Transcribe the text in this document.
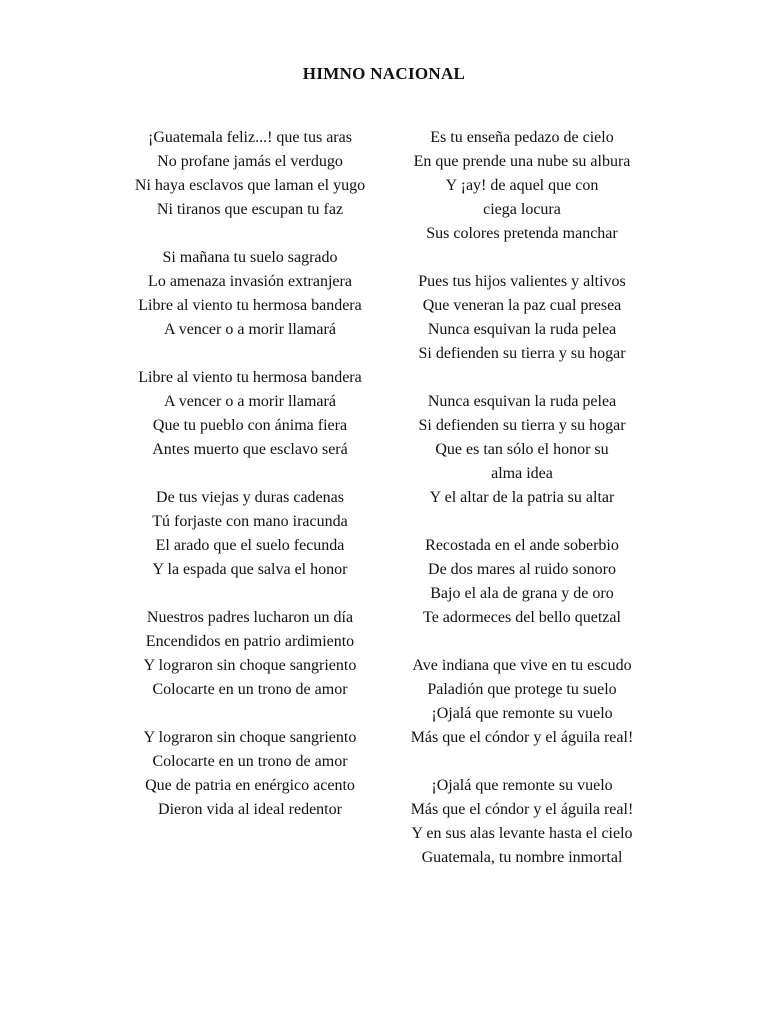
HIMNO NACIONAL
¡Guatemala feliz...! que tus aras
No profane jamás el verdugo
Ni haya esclavos que laman el yugo
Ni tiranos que escupan tu faz
Si mañana tu suelo sagrado
Lo amenaza invasión extranjera
Libre al viento tu hermosa bandera
A vencer o a morir llamará
Libre al viento tu hermosa bandera
A vencer o a morir llamará
Que tu pueblo con ánima fiera
Antes muerto que esclavo será
De tus viejas y duras cadenas
Tú forjaste con mano iracunda
El arado que el suelo fecunda
Y la espada que salva el honor
Nuestros padres lucharon un día
Encendidos en patrio ardimiento
Y lograron sin choque sangriento
Colocarte en un trono de amor
Y lograron sin choque sangriento
Colocarte en un trono de amor
Que de patria en enérgico acento
Dieron vida al ideal redentor
Es tu enseña pedazo de cielo
En que prende una nube su albura
Y ¡ay! de aquel que con ciega locura
Sus colores pretenda manchar
Pues tus hijos valientes y altivos
Que veneran la paz cual presea
Nunca esquivan la ruda pelea
Si defienden su tierra y su hogar
Nunca esquivan la ruda pelea
Si defienden su tierra y su hogar
Que es tan sólo el honor su alma idea
Y el altar de la patria su altar
Recostada en el ande soberbio
De dos mares al ruido sonoro
Bajo el ala de grana y de oro
Te adormeces del bello quetzal
Ave indiana que vive en tu escudo
Paladión que protege tu suelo
¡Ojalá que remonte su vuelo
Más que el cóndor y el águila real!
¡Ojalá que remonte su vuelo
Más que el cóndor y el águila real!
Y en sus alas levante hasta el cielo
Guatemala, tu nombre inmortal
